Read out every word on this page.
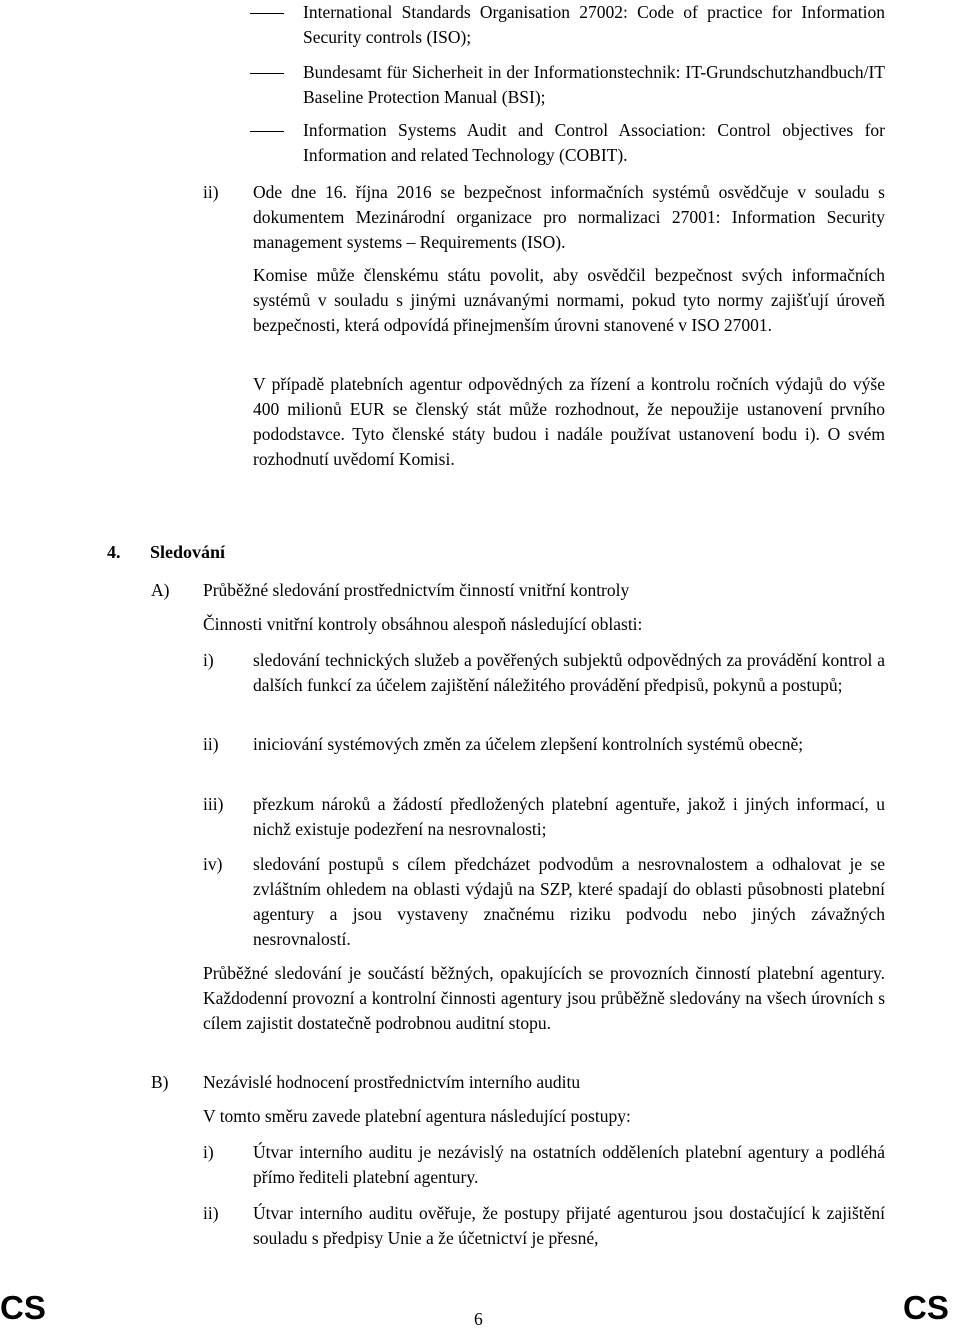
International Standards Organisation 27002: Code of practice for Information Security controls (ISO);

Bundesamt für Sicherheit in der Informationstechnik: IT-Grundschutzhandbuch/IT Baseline Protection Manual (BSI);

Information Systems Audit and Control Association: Control objectives for Information and related Technology (COBIT).

ii) Ode dne 16. října 2016 se bezpečnost informačních systémů osvědčuje v souladu s dokumentem Mezinárodní organizace pro normalizaci 27001: Information Security management systems – Requirements (ISO).

Komise může členskému státu povolit, aby osvědčil bezpečnost svých informačních systémů v souladu s jinými uznávanými normami, pokud tyto normy zajišťují úroveň bezpečnosti, která odpovídá přinejmenším úrovni stanovené v ISO 27001.

V případě platebních agentur odpovědných za řízení a kontrolu ročních výdajů do výše 400 milionů EUR se členský stát může rozhodnout, že nepoužije ustanovení prvního pododstavce. Tyto členské státy budou i nadále používat ustanovení bodu i). O svém rozhodnutí uvědomí Komisi.

4. Sledování

A) Průběžné sledování prostřednictvím činností vnitřní kontroly

Činnosti vnitřní kontroly obsáhnou alespoň následující oblasti:

i) sledování technických služeb a pověřených subjektů odpovědných za provádění kontrol a dalších funkcí za účelem zajištění náležitého provádění předpisů, pokynů a postupů;

ii) iniciování systémových změn za účelem zlepšení kontrolních systémů obecně;

iii) přezkum nároků a žádostí předložených platební agentuře, jakož i jiných informací, u nichž existuje podezření na nesrovnalosti;

iv) sledování postupů s cílem předcházet podvodům a nesrovnalostem a odhalovat je se zvláštním ohledem na oblasti výdajů na SZP, které spadají do oblasti působnosti platební agentury a jsou vystaveny značnému riziku podvodu nebo jiných závažných nesrovnalostí.

Průběžné sledování je součástí běžných, opakujících se provozních činností platební agentury. Každodenní provozní a kontrolní činnosti agentury jsou průběžně sledovány na všech úrovních s cílem zajistit dostatečně podrobnou auditní stopu.

B) Nezávislé hodnocení prostřednictvím interního auditu

V tomto směru zavede platební agentura následující postupy:

i) Útvar interního auditu je nezávislý na ostatních odděleních platební agentury a podléhá přímo řediteli platební agentury.

ii) Útvar interního auditu ověřuje, že postupy přijaté agenturou jsou dostačující k zajištění souladu s předpisy Unie a že účetnictví je přesné,

CS	6	CS
